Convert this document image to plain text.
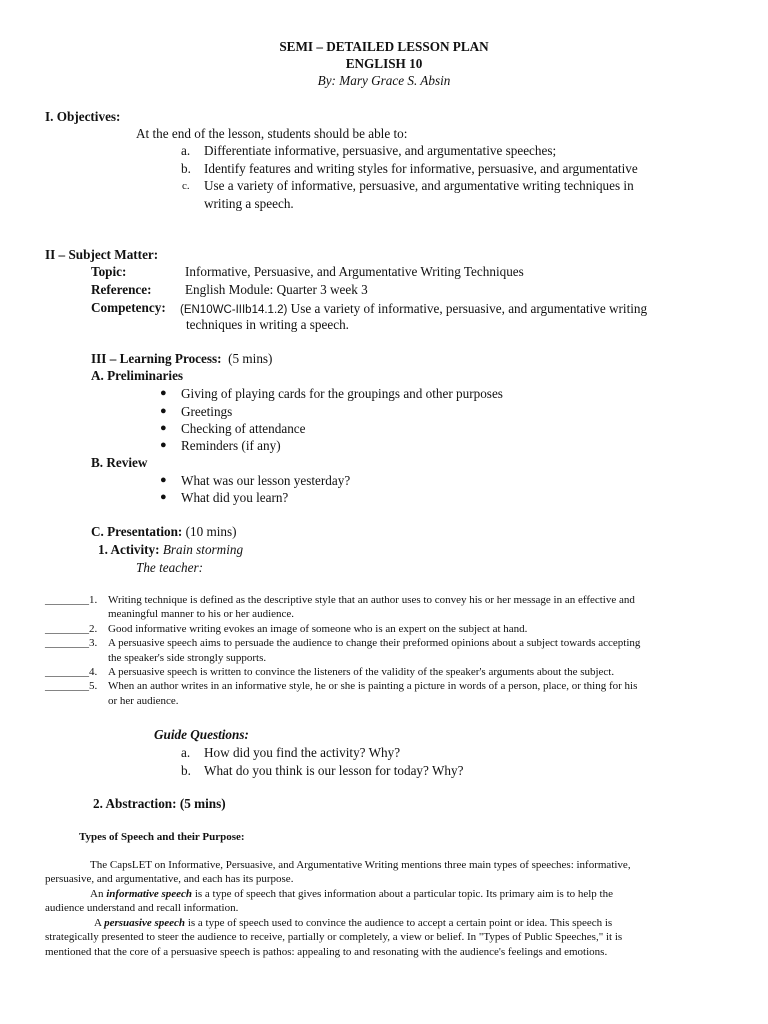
SEMI – DETAILED LESSON PLAN
ENGLISH 10
By: Mary Grace S. Absin
I. Objectives:
At the end of the lesson, students should be able to:
a. Differentiate informative, persuasive, and argumentative speeches;
b. Identify features and writing styles for informative, persuasive, and argumentative
c. Use a variety of informative, persuasive, and argumentative writing techniques in
writing a speech.
II – Subject Matter:
Topic:	Informative, Persuasive, and Argumentative Writing Techniques
Reference:	English Module: Quarter 3 week 3
Competency: (EN10WC-IIIb14.1.2) Use a variety of informative, persuasive, and argumentative writing
techniques in writing a speech.
III – Learning Process: (5 mins)
A. Preliminaries
● Giving of playing cards for the groupings and other purposes
● Greetings
● Checking of attendance
● Reminders (if any)
B. Review
● What was our lesson yesterday?
● What did you learn?
C. Presentation: (10 mins)
1. Activity: Brain storming
The teacher:
________1. Writing technique is defined as the descriptive style that an author uses to convey his or her message in an effective and
meaningful manner to his or her audience.
________2. Good informative writing evokes an image of someone who is an expert on the subject at hand.
________3. A persuasive speech aims to persuade the audience to change their preformed opinions about a subject towards accepting
the speaker's side strongly supports.
________4. A persuasive speech is written to convince the listeners of the validity of the speaker's arguments about the subject.
________5. When an author writes in an informative style, he or she is painting a picture in words of a person, place, or thing for his
or her audience.
Guide Questions:
a. How did you find the activity? Why?
b. What do you think is our lesson for today? Why?
2. Abstraction: (5 mins)
Types of Speech and their Purpose:
The CapsLET on Informative, Persuasive, and Argumentative Writing mentions three main types of speeches: informative,
persuasive, and argumentative, and each has its purpose.
An informative speech is a type of speech that gives information about a particular topic. Its primary aim is to help the
audience understand and recall information.
A persuasive speech is a type of speech used to convince the audience to accept a certain point or idea. This speech is
strategically presented to steer the audience to receive, partially or completely, a view or belief. In "Types of Public Speeches," it is
mentioned that the core of a persuasive speech is pathos: appealing to and resonating with the audience's feelings and emotions.
